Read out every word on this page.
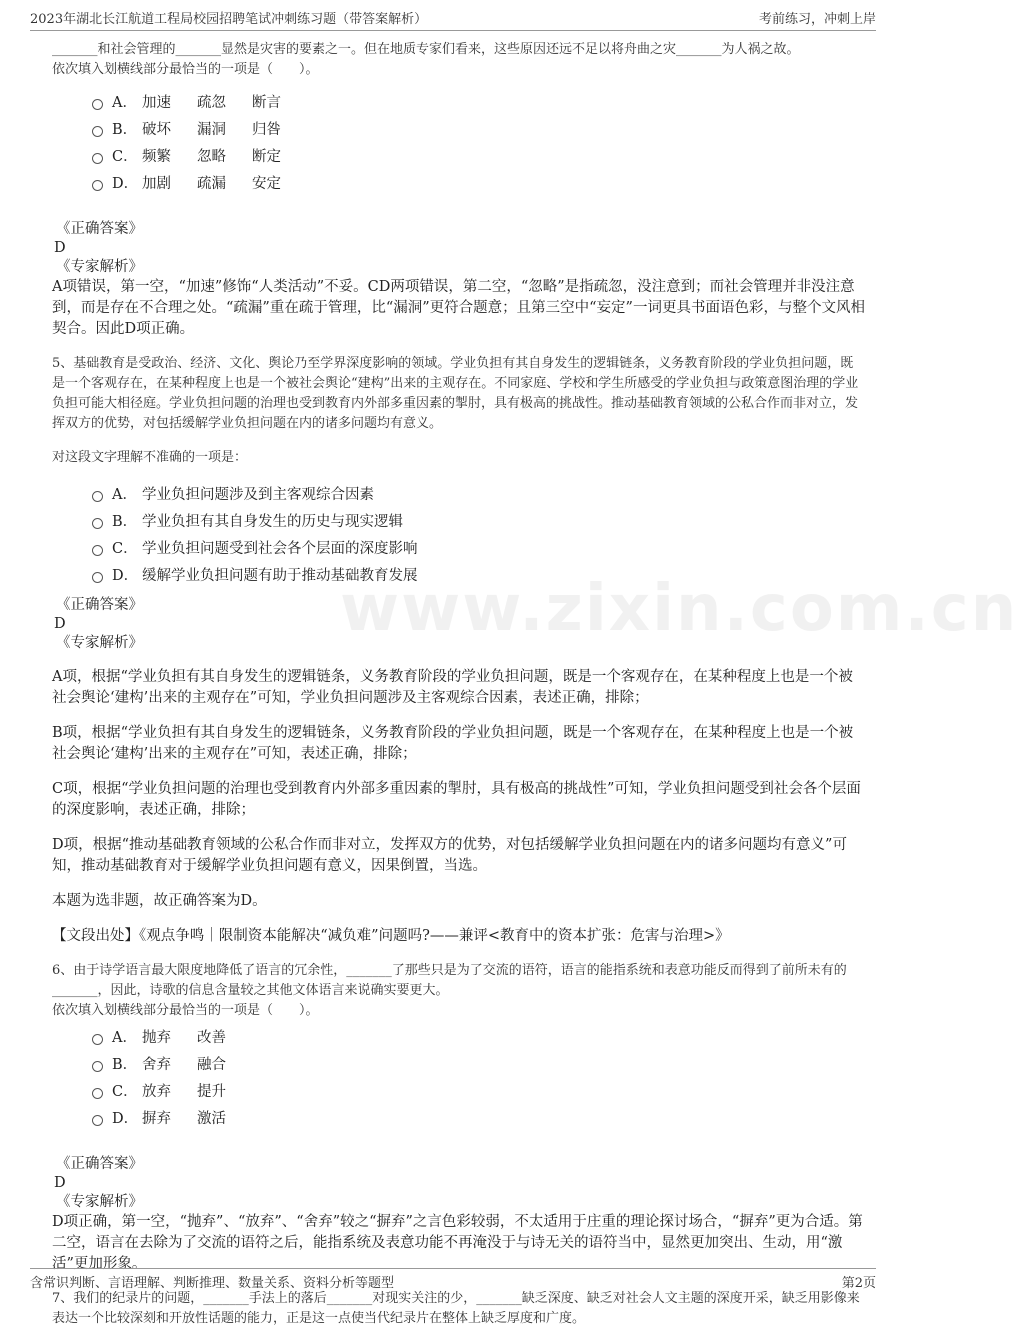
2023年湖北长江航道工程局校园招聘笔试冲刺练习题（带答案解析）	考前练习，冲刺上岸
www.zixin.com.cn

_______和社会管理的_______显然是灾害的要素之一。但在地质专家们看来，这些原因还远不足以将舟曲之灾_______为人祸之故。

依次填入划横线部分最恰当的一项是（　　）。

A． 加速 疏忽 断言
B． 破坏 漏洞 归咎
C． 频繁 忽略 断定
D． 加剧 疏漏 安定
《正确答案》
D
《专家解析》

A项错误，第一空，“加速”修饰“人类活动”不妥。CD两项错误，第二空，“忽略”是指疏忽，没注意到；而社会管理并非没注意到，而是存在不合理之处。“疏漏”重在疏于管理，比“漏洞”更符合题意；且第三空中“妄定”一词更具书面语色彩，与整个文风相契合。因此D项正确。

5、基础教育是受政治、经济、文化、舆论乃至学界深度影响的领域。学业负担有其自身发生的逻辑链条，义务教育阶段的学业负担问题，既是一个客观存在，在某种程度上也是一个被社会舆论“建构”出来的主观存在。不同家庭、学校和学生所感受的学业负担与政策意图治理的学业负担可能大相径庭。学业负担问题的治理也受到教育内外部多重因素的掣肘，具有极高的挑战性。推动基础教育领域的公私合作而非对立，发挥双方的优势，对包括缓解学业负担问题在内的诸多问题均有意义。

对这段文字理解不准确的一项是：

A． 学业负担问题涉及到主客观综合因素
B． 学业负担有其自身发生的历史与现实逻辑
C． 学业负担问题受到社会各个层面的深度影响
D． 缓解学业负担问题有助于推动基础教育发展
《正确答案》
D
《专家解析》

A项，根据“学业负担有其自身发生的逻辑链条，义务教育阶段的学业负担问题，既是一个客观存在，在某种程度上也是一个被社会舆论‘建构’出来的主观存在”可知，学业负担问题涉及主客观综合因素，表述正确，排除；

B项，根据“学业负担有其自身发生的逻辑链条，义务教育阶段的学业负担问题，既是一个客观存在，在某种程度上也是一个被社会舆论‘建构’出来的主观存在”可知，表述正确，排除；

C项，根据“学业负担问题的治理也受到教育内外部多重因素的掣肘，具有极高的挑战性”可知，学业负担问题受到社会各个层面的深度影响，表述正确，排除；

D项，根据“推动基础教育领域的公私合作而非对立，发挥双方的优势，对包括缓解学业负担问题在内的诸多问题均有意义”可知，推动基础教育对于缓解学业负担问题有意义，因果倒置，当选。

本题为选非题，故正确答案为D。

【文段出处】《观点争鸣｜限制资本能解决“减负难”问题吗?——兼评<教育中的资本扩张：危害与治理>》

6、由于诗学语言最大限度地降低了语言的冗余性，_______了那些只是为了交流的语符，语言的能指系统和表意功能反而得到了前所未有的_______，因此，诗歌的信息含量较之其他文体语言来说确实要更大。

依次填入划横线部分最恰当的一项是（　　）。

A． 抛弃 改善
B． 舍弃 融合
C． 放弃 提升
D． 摒弃 激活
《正确答案》
D
《专家解析》

D项正确，第一空，“抛弃”、“放弃”、“舍弃”较之“摒弃”之言色彩较弱，不太适用于庄重的理论探讨场合，“摒弃”更为合适。第二空，语言在去除为了交流的语符之后，能指系统及表意功能不再淹没于与诗无关的语符当中，显然更加突出、生动，用“激活”更加形象。

7、我们的纪录片的问题，_______手法上的落后_______对现实关注的少，_______缺乏深度、缺乏对社会人文主题的深度开采，缺乏用影像来表达一个比较深刻和开放性话题的能力，正是这一点使当代纪录片在整体上缺乏厚度和广度。

含常识判断、言语理解、判断推理、数量关系、资料分析等题型	第2页
